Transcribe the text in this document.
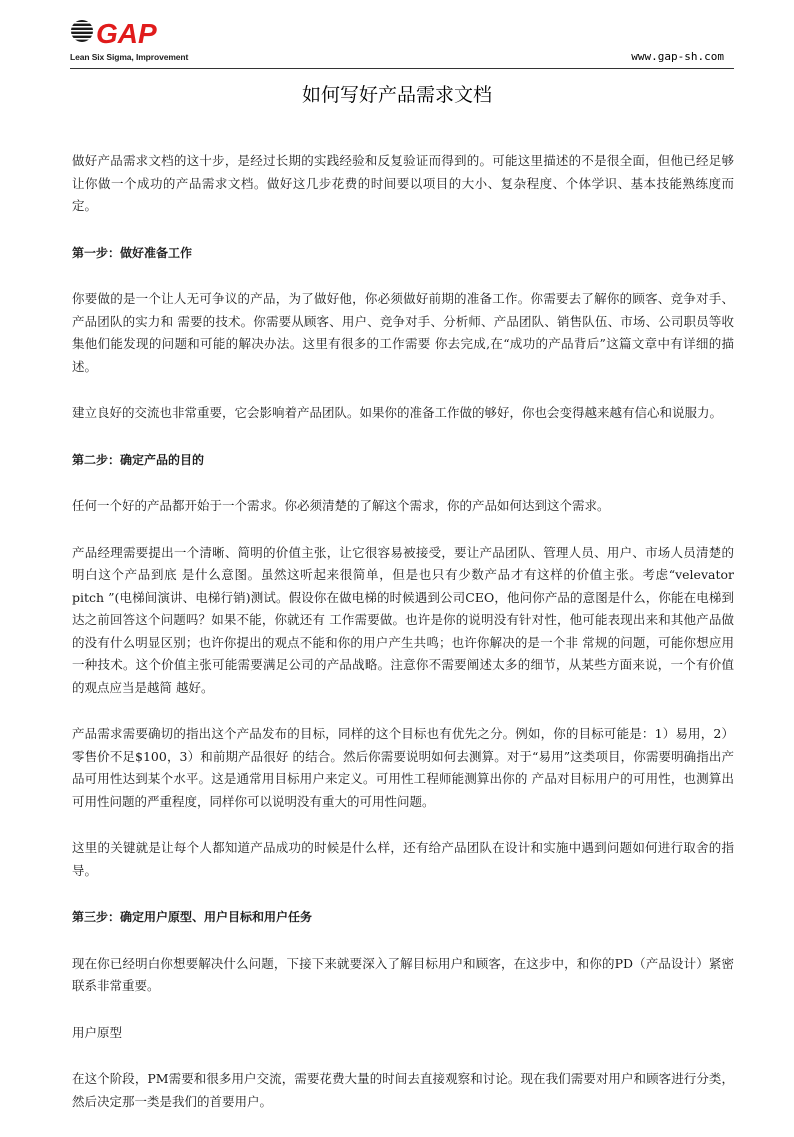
GAP
Lean Six Sigma, Improvement	www.gap-sh.com
如何写好产品需求文档

做好产品需求文档的这十步，是经过长期的实践经验和反复验证而得到的。可能这里描述的不是很全面，但他已经足够让你做一个成功的产品需求文档。做好这几步花费的时间要以项目的大小、复杂程度、个体学识、基本技能熟练度而定。

第一步：做好准备工作

你要做的是一个让人无可争议的产品，为了做好他，你必须做好前期的准备工作。你需要去了解你的顾客、竞争对手、产品团队的实力和 需要的技术。你需要从顾客、用户、竞争对手、分析师、产品团队、销售队伍、市场、公司职员等收集他们能发现的问题和可能的解决办法。这里有很多的工作需要 你去完成,在“成功的产品背后”这篇文章中有详细的描述。

建立良好的交流也非常重要，它会影响着产品团队。如果你的准备工作做的够好，你也会变得越来越有信心和说服力。

第二步：确定产品的目的

任何一个好的产品都开始于一个需求。你必须清楚的了解这个需求，你的产品如何达到这个需求。

产品经理需要提出一个清晰、简明的价值主张，让它很容易被接受，要让产品团队、管理人员、用户、市场人员清楚的明白这个产品到底 是什么意图。虽然这听起来很简单，但是也只有少数产品才有这样的价值主张。考虑“velevator pitch ”(电梯间演讲、电梯行销)测试。假设你在做电梯的时候遇到公司CEO，他问你产品的意图是什么，你能在电梯到达之前回答这个问题吗？如果不能，你就还有 工作需要做。也许是你的说明没有针对性，他可能表现出来和其他产品做的没有什么明显区别；也许你提出的观点不能和你的用户产生共鸣；也许你解决的是一个非 常规的问题，可能你想应用一种技术。这个价值主张可能需要满足公司的产品战略。注意你不需要阐述太多的细节，从某些方面来说，一个有价值的观点应当是越简 越好。

产品需求需要确切的指出这个产品发布的目标，同样的这个目标也有优先之分。例如，你的目标可能是：1）易用，2）零售价不足$100，3）和前期产品很好 的结合。然后你需要说明如何去测算。对于“易用”这类项目，你需要明确指出产品可用性达到某个水平。这是通常用目标用户来定义。可用性工程师能测算出你的 产品对目标用户的可用性，也测算出可用性问题的严重程度，同样你可以说明没有重大的可用性问题。

这里的关键就是让每个人都知道产品成功的时候是什么样，还有给产品团队在设计和实施中遇到问题如何进行取舍的指导。

第三步：确定用户原型、用户目标和用户任务

现在你已经明白你想要解决什么问题，下接下来就要深入了解目标用户和顾客，在这步中，和你的PD（产品设计）紧密联系非常重要。

用户原型

在这个阶段，PM需要和很多用户交流，需要花费大量的时间去直接观察和讨论。现在我们需要对用户和顾客进行分类，然后决定那一类是我们的首要用户。
